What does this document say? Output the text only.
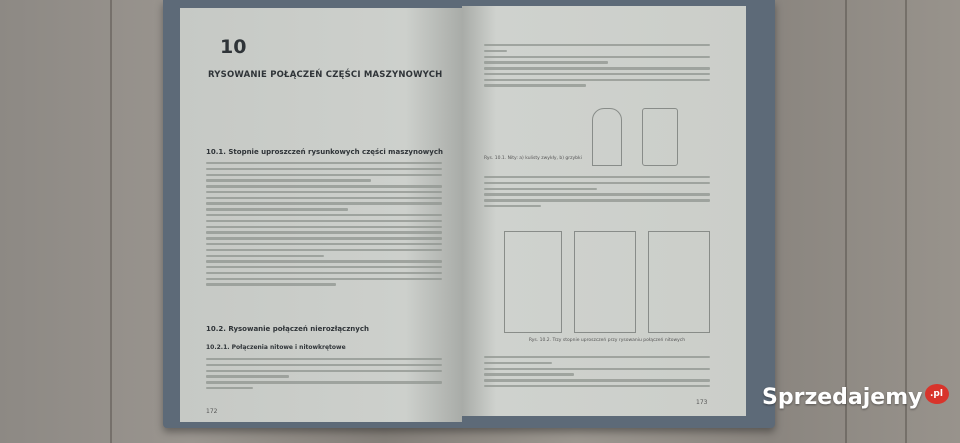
10
RYSOWANIE POŁĄCZEŃ CZĘŚCI MASZYNOWYCH
10.1. Stopnie uproszczeń rysunkowych części maszynowych
10.2. Rysowanie połączeń nierozłącznych
10.2.1. Połączenia nitowe i nitowkrętowe
172
Rys. 10.1. Nity: a) kulisty zwykły, b) grzybki
Rys. 10.2. Trzy stopnie uproszczeń przy rysowaniu połączeń nitowych
173 Sprzedajemy .pl
